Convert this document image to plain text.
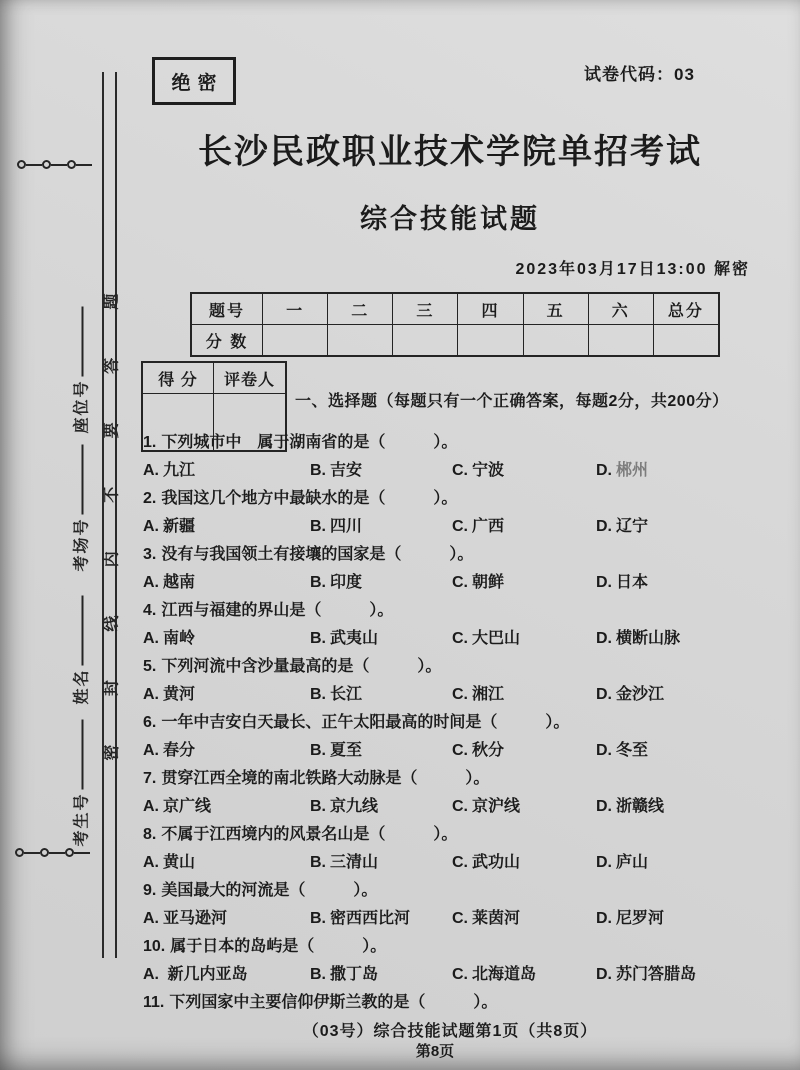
密 封 线 内 不 要 答 题
座位号
考场号
姓名
考生号
绝密	试卷代码：03
长沙民政职业技术学院单招考试
综合技能试题
2023年03月17日13:00 解密
题号	一	二	三	四	五	六	总分
分 数
得 分	评卷人
一、选择题（每题只有一个正确答案，每题2分，共200分）
1. 下列城市中　属于湖南省的是（　　　）。
A. 九江	B. 吉安	C. 宁波	D. 郴州
2. 我国这几个地方中最缺水的是（　　　）。
A. 新疆	B. 四川	C. 广西	D. 辽宁
3. 没有与我国领土有接壤的国家是（　　　）。
A. 越南	B. 印度	C. 朝鲜	D. 日本
4. 江西与福建的界山是（　　　）。
A. 南岭	B. 武夷山	C. 大巴山	D. 横断山脉
5. 下列河流中含沙量最高的是（　　　）。
A. 黄河	B. 长江	C. 湘江	D. 金沙江
6. 一年中吉安白天最长、正午太阳最高的时间是（　　　）。
A. 春分	B. 夏至	C. 秋分	D. 冬至
7. 贯穿江西全境的南北铁路大动脉是（　　　）。
A. 京广线	B. 京九线	C. 京沪线	D. 浙赣线
8. 不属于江西境内的风景名山是（　　　）。
A. 黄山	B. 三清山	C. 武功山	D. 庐山
9. 美国最大的河流是（　　　）。
A. 亚马逊河	B. 密西西比河	C. 莱茵河	D. 尼罗河
10. 属于日本的岛屿是（　　　）。
A. 新几内亚岛	B. 撒丁岛	C. 北海道岛	D. 苏门答腊岛
11. 下列国家中主要信仰伊斯兰教的是（　　　）。
（03号）综合技能试题第1页（共8页）
第8页
